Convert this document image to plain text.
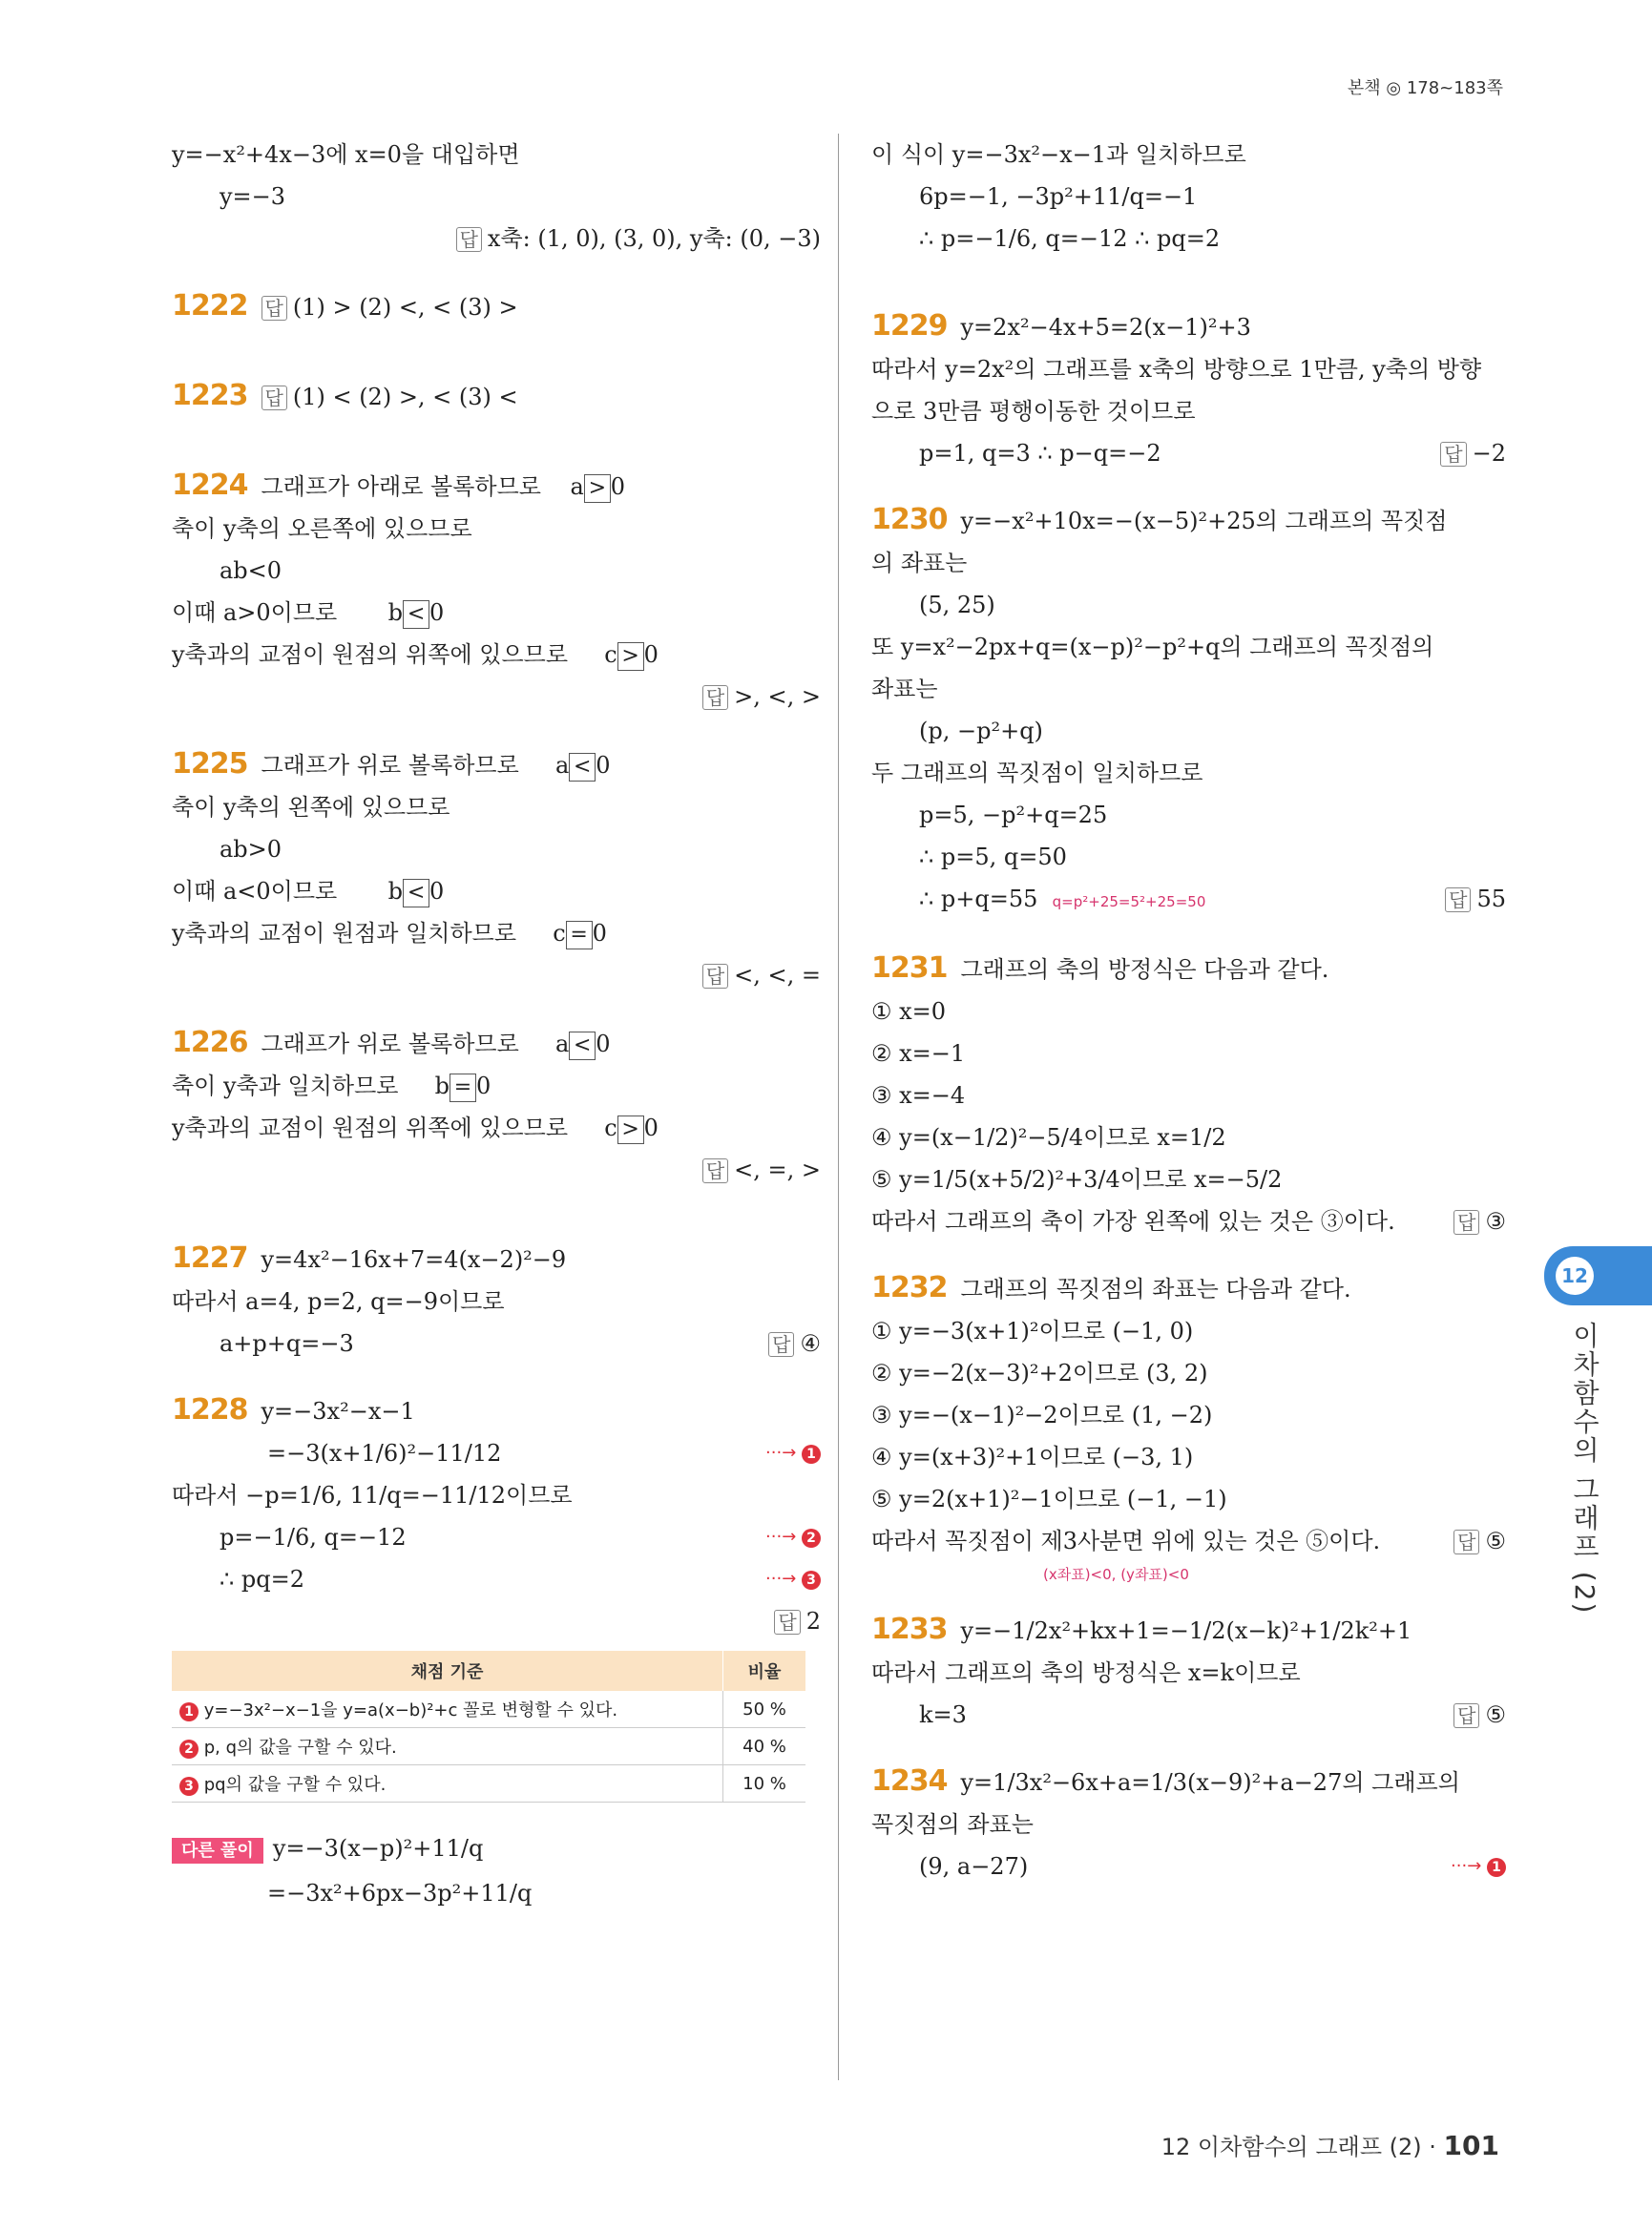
본책 ◎ 178~183쪽
y=−x²+4x−3에 x=0을 대입하면
y=−3
답 x축: (1, 0), (3, 0), y축: (0, −3)
1222 답 (1) > (2) <, < (3) >
1223 답 (1) < (2) >, < (3) <
1224 그래프가 아래로 볼록하므로 a > 0
축이 y축의 오른쪽에 있으므로
ab<0
이때 a>0이므로 b < 0
y축과의 교점이 원점의 위쪽에 있으므로 c > 0
답 >, <, >
1225 그래프가 위로 볼록하므로 a < 0
축이 y축의 왼쪽에 있으므로
ab>0
이때 a<0이므로 b < 0
y축과의 교점이 원점과 일치하므로 c = 0
답 <, <, =
1226 그래프가 위로 볼록하므로 a < 0
축이 y축과 일치하므로 b = 0
y축과의 교점이 원점의 위쪽에 있으므로 c > 0
답 <, =, >
1227 y=4x²−16x+7=4(x−2)²−9
따라서 a=4, p=2, q=−9이므로
a+p+q=−3	답 ④
1228 y=−3x²−x−1
=−3(x+1/6)²−11/12	···→ 1
따라서 −p=1/6, 11/q=−11/12이므로
p=−1/6, q=−12	···→ 2
∴ pq=2	···→ 3
답 2
채점 기준	비율
1 y=−3x²−x−1을 y=a(x−b)²+c 꼴로 변형할 수 있다.	50 %
2 p, q의 값을 구할 수 있다.	40 %
3 pq의 값을 구할 수 있다.	10 %
다른 풀이 y=−3(x−p)²+11/q
=−3x²+6px−3p²+11/q
이 식이 y=−3x²−x−1과 일치하므로
6p=−1, −3p²+11/q=−1
∴ p=−1/6, q=−12 ∴ pq=2
1229 y=2x²−4x+5=2(x−1)²+3
따라서 y=2x²의 그래프를 x축의 방향으로 1만큼, y축의 방향
으로 3만큼 평행이동한 것이므로
p=1, q=3 ∴ p−q=−2	답 −2
1230 y=−x²+10x=−(x−5)²+25의 그래프의 꼭짓점
의 좌표는
(5, 25)
또 y=x²−2px+q=(x−p)²−p²+q의 그래프의 꼭짓점의
좌표는
(p, −p²+q)
두 그래프의 꼭짓점이 일치하므로
p=5, −p²+q=25
∴ p=5, q=50
∴ p+q=55 q=p²+25=5²+25=50	답 55
1231 그래프의 축의 방정식은 다음과 같다.
① x=0
② x=−1
③ x=−4
④ y=(x−1/2)²−5/4이므로 x=1/2
⑤ y=1/5(x+5/2)²+3/4이므로 x=−5/2
따라서 그래프의 축이 가장 왼쪽에 있는 것은 ③이다.	답 ③
1232 그래프의 꼭짓점의 좌표는 다음과 같다.
① y=−3(x+1)²이므로 (−1, 0)
② y=−2(x−3)²+2이므로 (3, 2)
③ y=−(x−1)²−2이므로 (1, −2)
④ y=(x+3)²+1이므로 (−3, 1)
⑤ y=2(x+1)²−1이므로 (−1, −1)
따라서 꼭짓점이 제3사분면 위에 있는 것은 ⑤이다.	답 ⑤
(x좌표)<0, (y좌표)<0
1233 y=−1/2x²+kx+1=−1/2(x−k)²+1/2k²+1
따라서 그래프의 축의 방정식은 x=k이므로
k=3	답 ⑤
1234 y=1/3x²−6x+a=1/3(x−9)²+a−27의 그래프의
꼭짓점의 좌표는
(9, a−27)	···→ 1
12
이차함수의 그래프 (2)
12 이차함수의 그래프 (2) · 101
